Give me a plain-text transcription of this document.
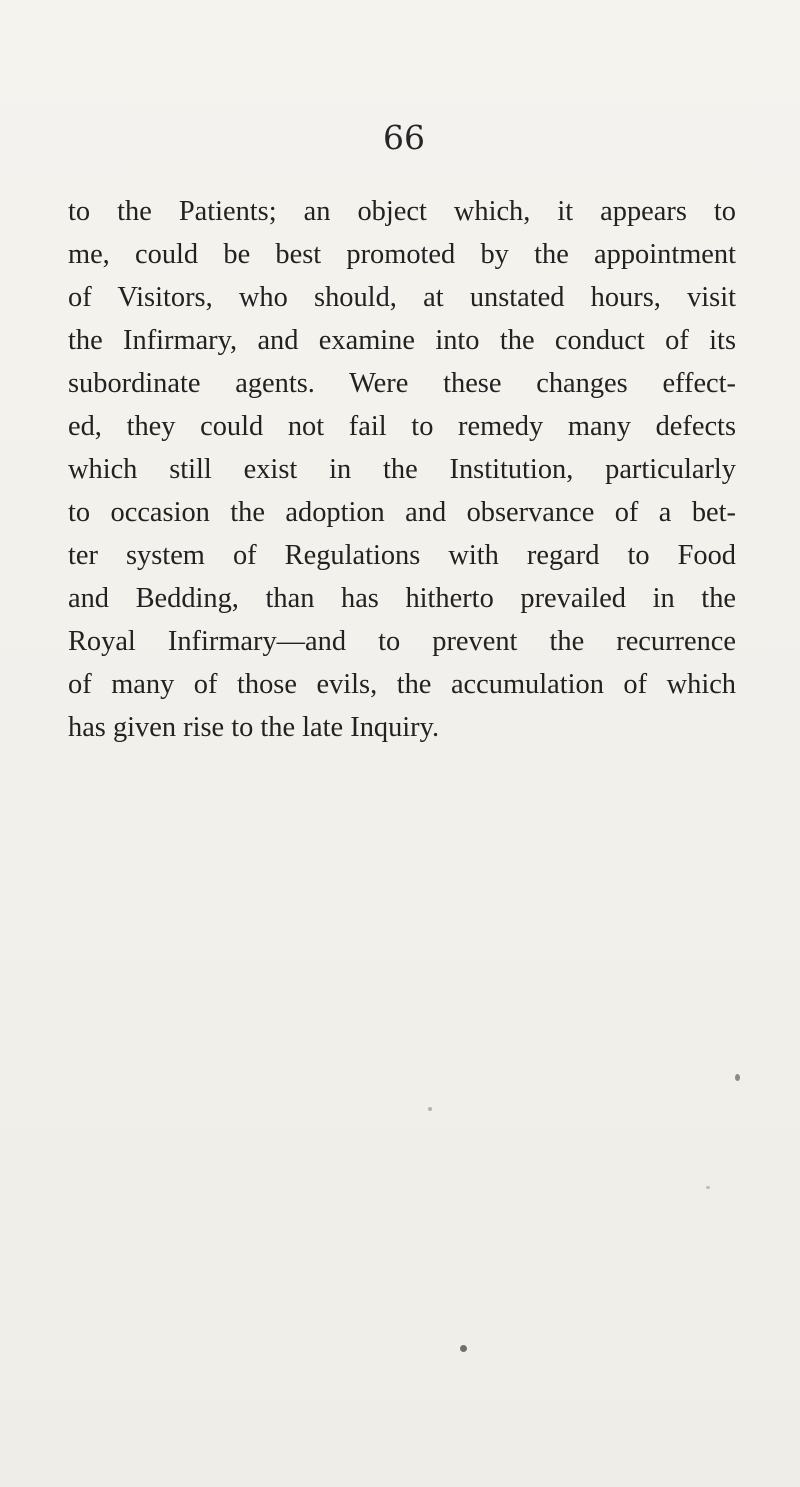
66
to the Patients; an object which, it appears to
me, could be best promoted by the appointment
of Visitors, who should, at unstated hours, visit
the Infirmary, and examine into the conduct of its
subordinate agents. Were these changes effect-
ed, they could not fail to remedy many defects
which still exist in the Institution, particularly
to occasion the adoption and observance of a bet-
ter system of Regulations with regard to Food
and Bedding, than has hitherto prevailed in the
Royal Infirmary—and to prevent the recurrence
of many of those evils, the accumulation of which
has given rise to the late Inquiry.
